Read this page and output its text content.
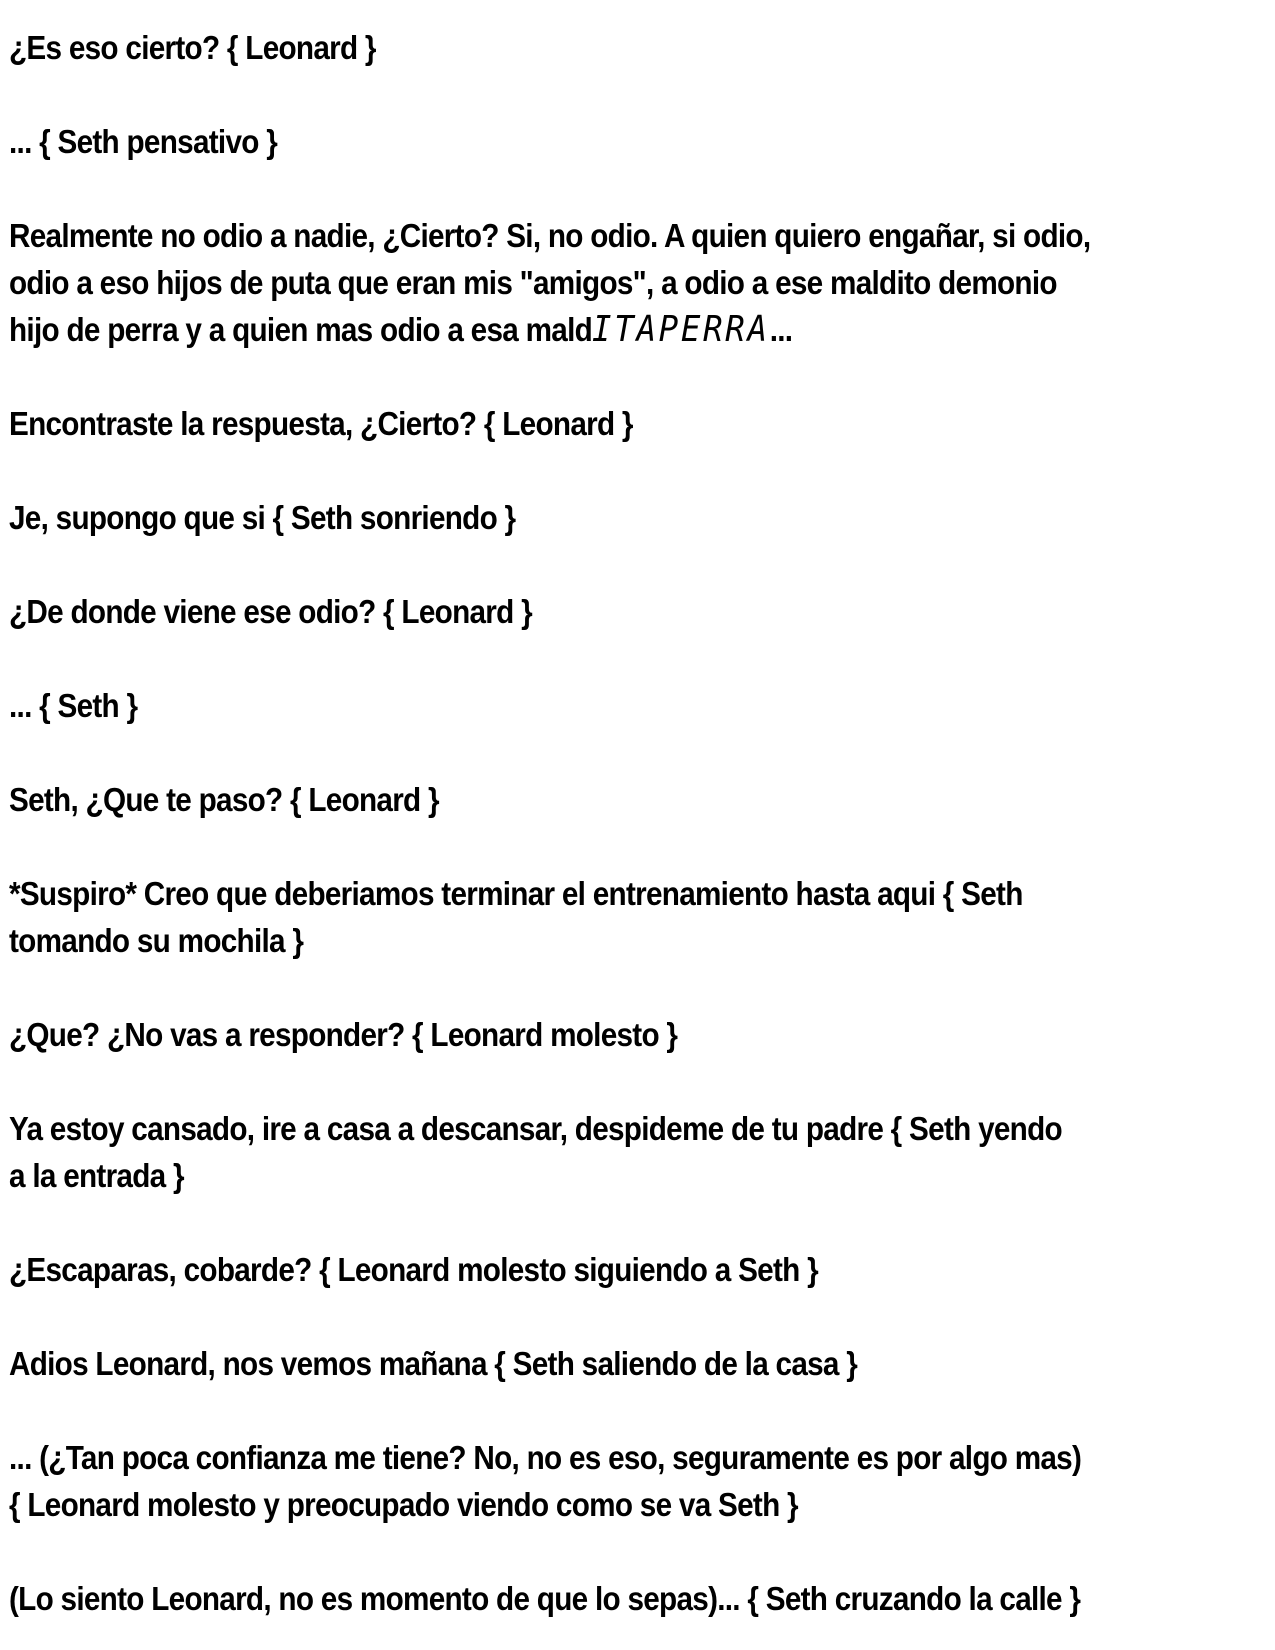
¿Es eso cierto? { Leonard }

... { Seth pensativo }

Realmente no odio a nadie, ¿Cierto? Si, no odio. A quien quiero engañar, si odio,

odio a eso hijos de puta que eran mis "amigos", a odio a ese maldito demonio

hijo de perra y a quien mas odio a esa maldITAPERRA...

Encontraste la respuesta, ¿Cierto? { Leonard }

Je, supongo que si { Seth sonriendo }

¿De donde viene ese odio? { Leonard }

... { Seth }

Seth, ¿Que te paso? { Leonard }

*Suspiro* Creo que deberiamos terminar el entrenamiento hasta aqui { Seth

tomando su mochila }

¿Que? ¿No vas a responder? { Leonard molesto }

Ya estoy cansado, ire a casa a descansar, despideme de tu padre { Seth yendo

a la entrada }

¿Escaparas, cobarde? { Leonard molesto siguiendo a Seth }

Adios Leonard, nos vemos mañana { Seth saliendo de la casa }

... (¿Tan poca confianza me tiene? No, no es eso, seguramente es por algo mas)

{ Leonard molesto y preocupado viendo como se va Seth }

(Lo siento Leonard, no es momento de que lo sepas)... { Seth cruzando la calle }
